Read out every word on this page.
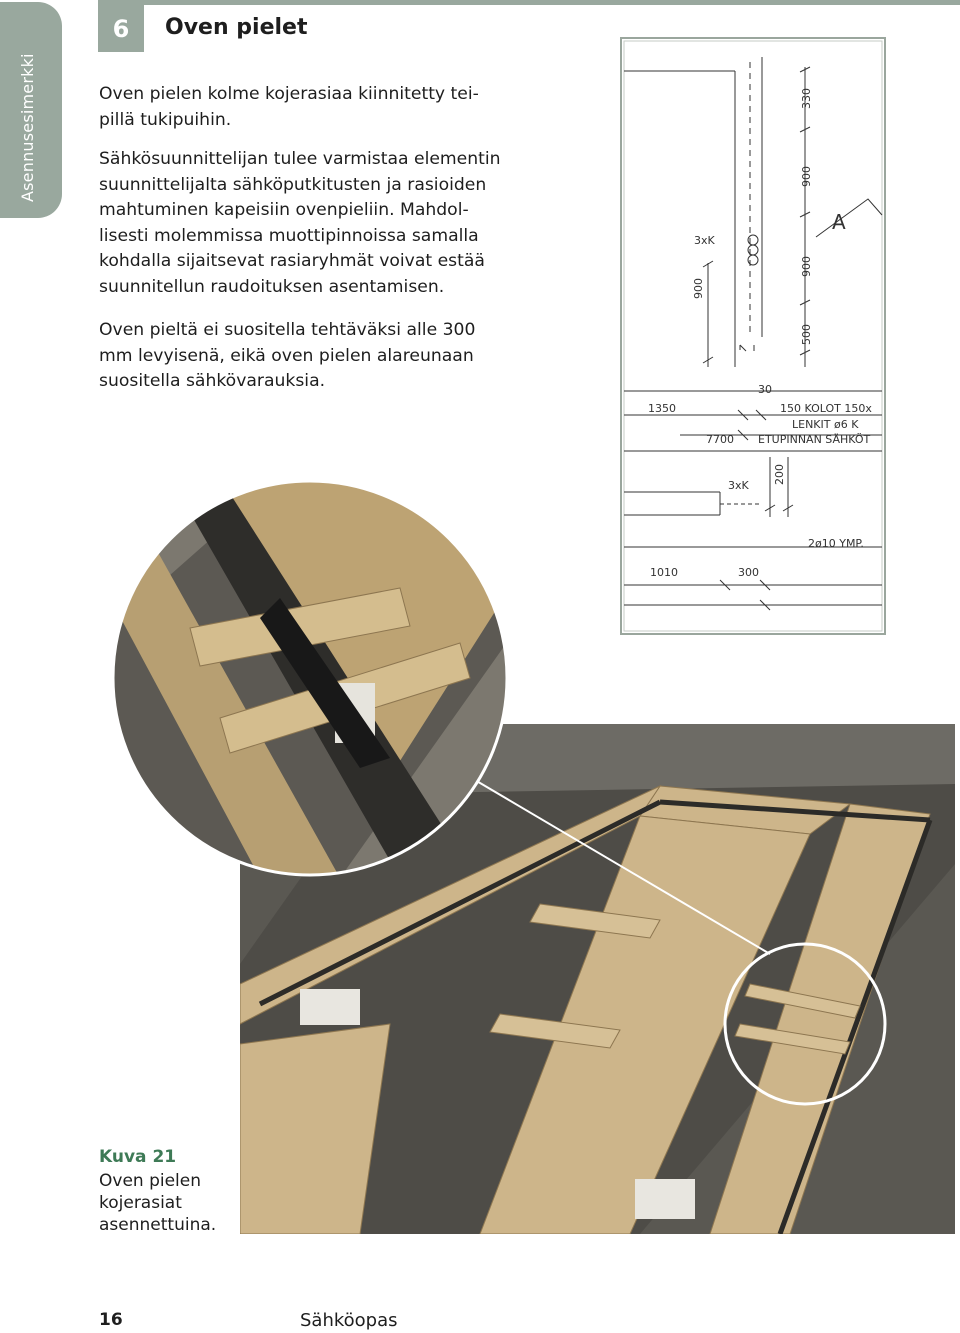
Asennusesimerkki
6	Oven pielet

Oven pielen kolme kojerasiaa kiinnitetty tei-
pillä tukipuihin.

Sähkösuunnittelijan tulee varmistaa elementin
suunnittelijalta sähköputkitusten ja rasioiden
mahtuminen kapeisiin ovenpieliin. Mahdol-
lisesti molemmissa muottipinnoissa samalla
kohdalla sijaitsevat rasiaryhmät voivat estää
suunnitellun raudoituksen asentamisen.

Oven pieltä ei suositella tehtäväksi alle 300
mm levyisenä, eikä oven pielen alareunaan
suositella sähkövarauksia.

330
900
900
500
900
3xK
A
30
1350	150 KOLOT 150x
LENKIT ø6 K
7700 ETUPINNAN SÄHKÖT
200
3xK
2ø10 YMP.
1010	300
Kuva 21
Oven pielen
kojerasiat
asennettuina.
16	Sähköopas
